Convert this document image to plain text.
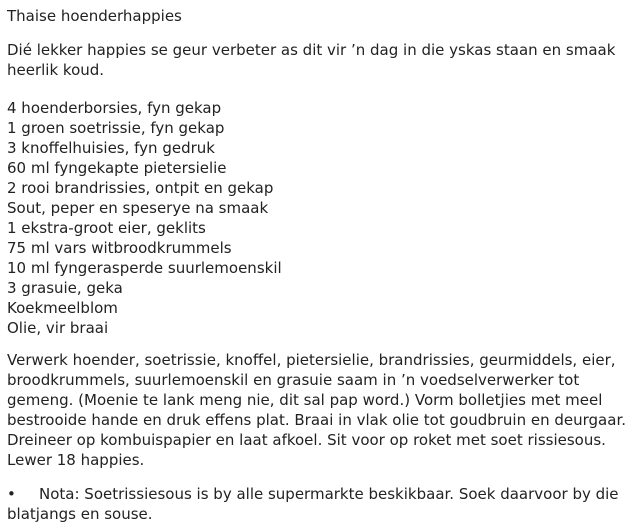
Thaise hoenderhappies
Dié lekker happies se geur verbeter as dit vir ’n dag in die yskas staan en smaak heerlik koud.
4 hoenderborsies, fyn gekap
1 groen soetrissie, fyn gekap
3 knoffelhuisies, fyn gedruk
60 ml fyngekapte pietersielie
2 rooi brandrissies, ontpit en gekap
Sout, peper en speserye na smaak
1 ekstra-groot eier, geklits
75 ml vars witbroodkrummels
10 ml fyngerasperde suurlemoenskil
3 grasuie, geka
Koekmeelblom
Olie, vir braai
Verwerk hoender, soetrissie, knoffel, pietersielie, brandrissies, geurmiddels, eier, broodkrummels, suurlemoenskil en grasuie saam in ’n voedselverwerker tot gemeng. (Moenie te lank meng nie, dit sal pap word.) Vorm bolletjies met meel bestrooide hande en druk effens plat. Braai in vlak olie tot goudbruin en deurgaar. Dreineer op kombuispapier en laat afkoel. Sit voor op roket met soet rissiesous. Lewer 18 happies.
• Nota: Soetrissiesous is by alle supermarkte beskikbaar. Soek daarvoor by die blatjangs en souse.
